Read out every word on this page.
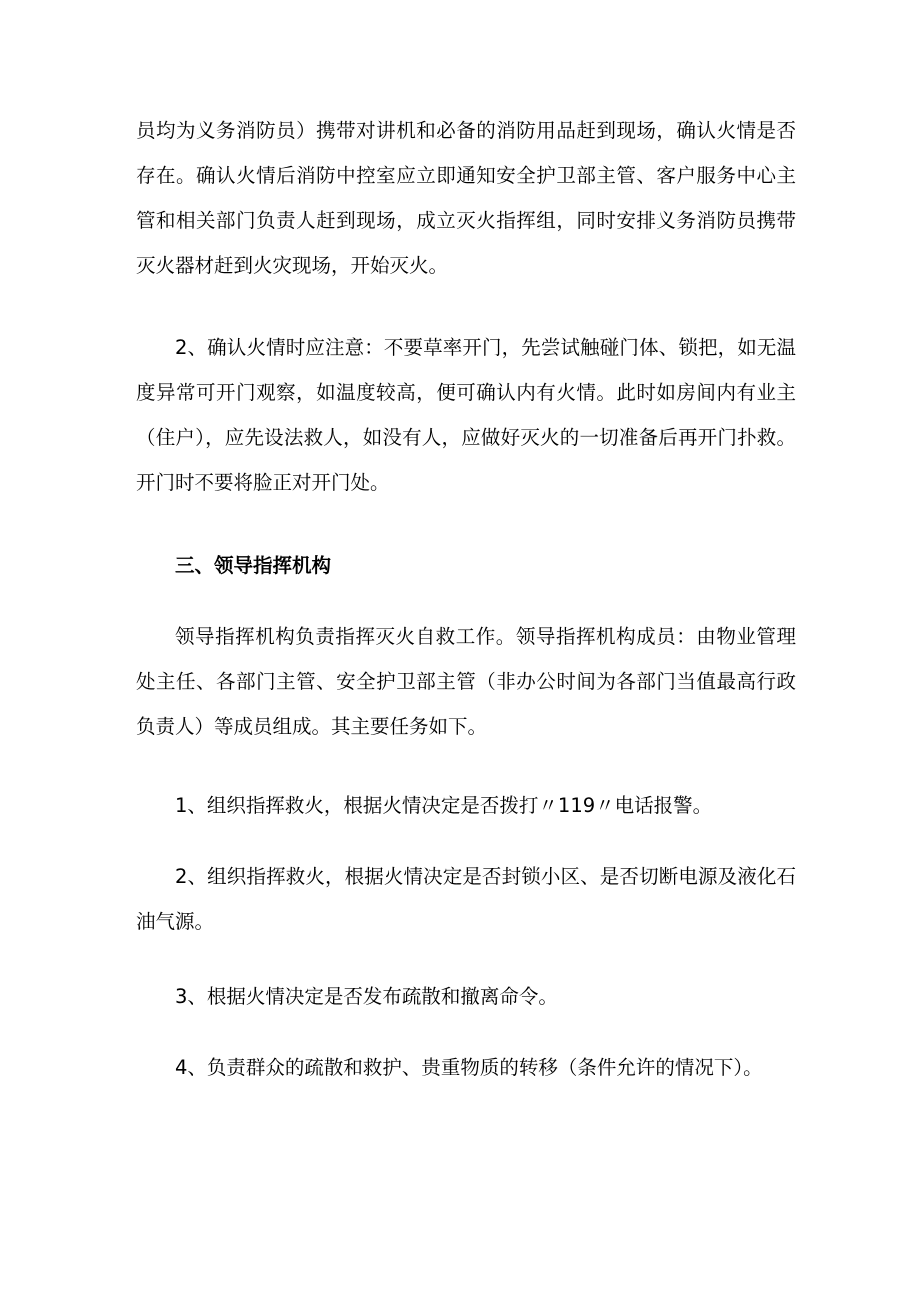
员均为义务消防员）携带对讲机和必备的消防用品赶到现场，确认火情是否存在。确认火情后消防中控室应立即通知安全护卫部主管、客户服务中心主管和相关部门负责人赶到现场，成立灭火指挥组，同时安排义务消防员携带灭火器材赶到火灾现场，开始灭火。

2、确认火情时应注意：不要草率开门，先尝试触碰门体、锁把，如无温度异常可开门观察，如温度较高，便可确认内有火情。此时如房间内有业主（住户），应先设法救人，如没有人，应做好灭火的一切准备后再开门扑救。开门时不要将脸正对开门处。

三、领导指挥机构

领导指挥机构负责指挥灭火自救工作。领导指挥机构成员：由物业管理处主任、各部门主管、安全护卫部主管（非办公时间为各部门当值最高行政负责人）等成员组成。其主要任务如下。

1、组织指挥救火，根据火情决定是否拨打〃119〃电话报警。

2、组织指挥救火，根据火情决定是否封锁小区、是否切断电源及液化石油气源。

3、根据火情决定是否发布疏散和撤离命令。

4、负责群众的疏散和救护、贵重物质的转移（条件允许的情况下）。
